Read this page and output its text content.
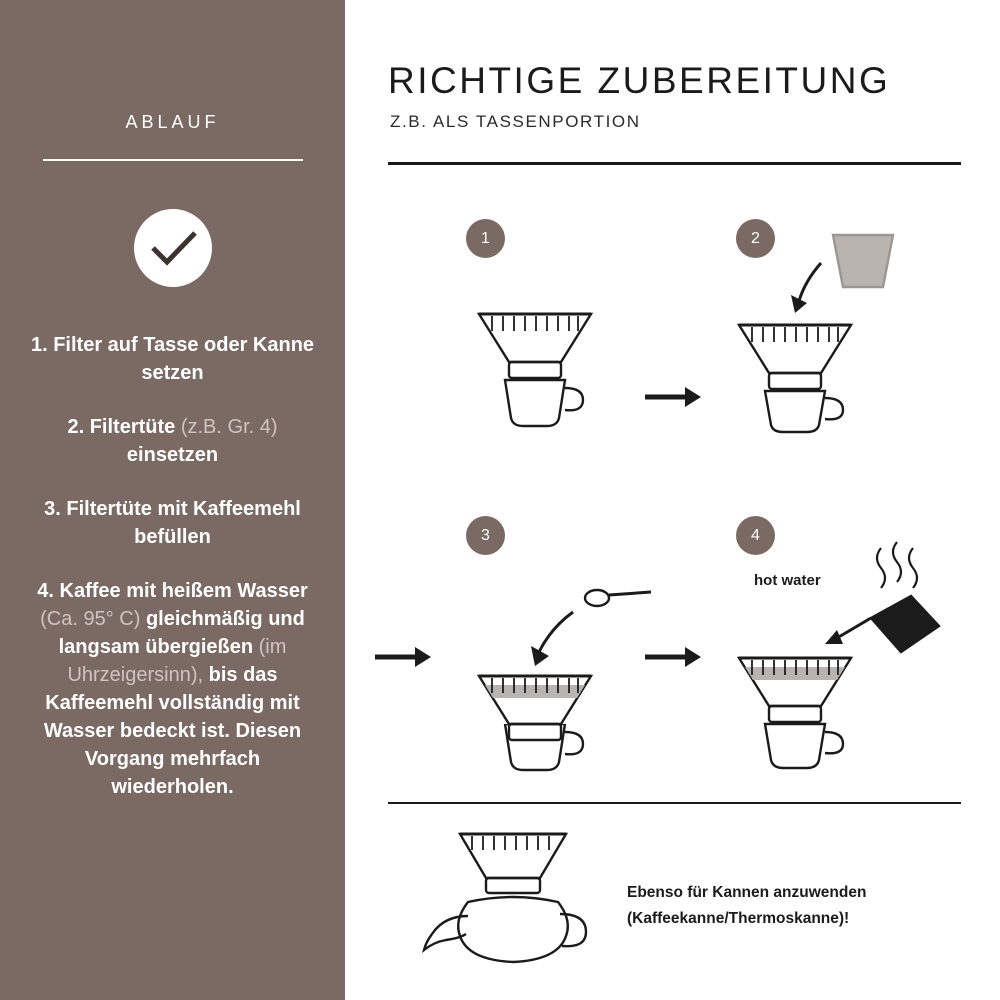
ABLAUF
1. Filter auf Tasse oder Kanne setzen
2. Filtertüte (z.B. Gr. 4) einsetzen
3. Filtertüte mit Kaffeemehl befüllen
4. Kaffee mit heißem Wasser (Ca. 95° C) gleichmäßig und langsam übergießen (im Uhrzeigersinn), bis das Kaffeemehl vollständig mit Wasser bedeckt ist. Diesen Vorgang mehrfach wiederholen.
RICHTIGE ZUBEREITUNG
Z.B. ALS TASSENPORTION
1	2
3	4
hot water
Ebenso für Kannen anzuwenden
(Kaffeekanne/Thermoskanne)!
